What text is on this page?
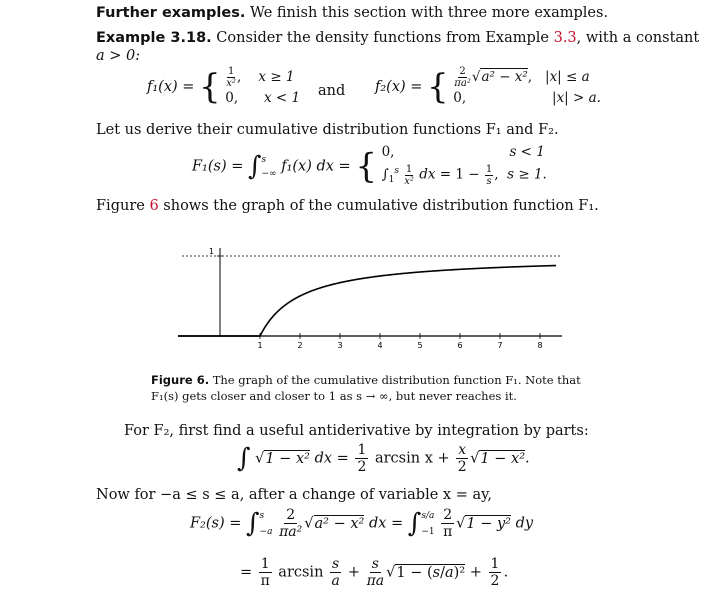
Further examples. We finish this section with three more examples.
Example 3.18. Consider the density functions from Example 3.3, with a constant
a > 0:
f₁(x) = { $\frac{1}{\text{x²}}$ ,    x ≥ 1
0, x < 1 and f₂(x) = { $\frac{2}{\text{πa²}} √a^2 - x^2$,   |x| ≤ a
0,	|x| > a.
Let us derive their cumulative distribution functions F₁ and F₂.
F₁(s) = ∫ s
−∞ f₁(x) dx = { 0,	s < 1
$\int_1^s \frac{1}{\text{x²}}$ dx = $1 - \frac{1}{s}$ ,  s ≥ 1.
Figure 6 shows the graph of the cumulative distribution function F₁.
1
1	2	3	4	5	6	7	8
Figure 6. The graph of the cumulative distribution function F₁. Note that F₁(s) gets closer and closer to 1 as s → ∞, but never reaches it.
For F₂, first find a useful antiderivative by integration by parts:
∫ √1 − x² dx = $\frac{1}{2}$ $\arcsin x + \frac{x}{2} √1 - x^2$.
Now for −a ≤ s ≤ a, after a change of variable x = ay,
F₂(s) = ∫ s
−a
$\frac{2}{\text{πa²}} √a^2 - x^2$ dx = ∫ s/a
−1
$\frac{2}{\pi} √1 - y^2$ dy
= $\frac{1}{\pi}$ $\arcsin \frac{s}{a} + \frac{s}{\pi a} √1 - (s/a)^2 + \frac{1}{2}$ .
